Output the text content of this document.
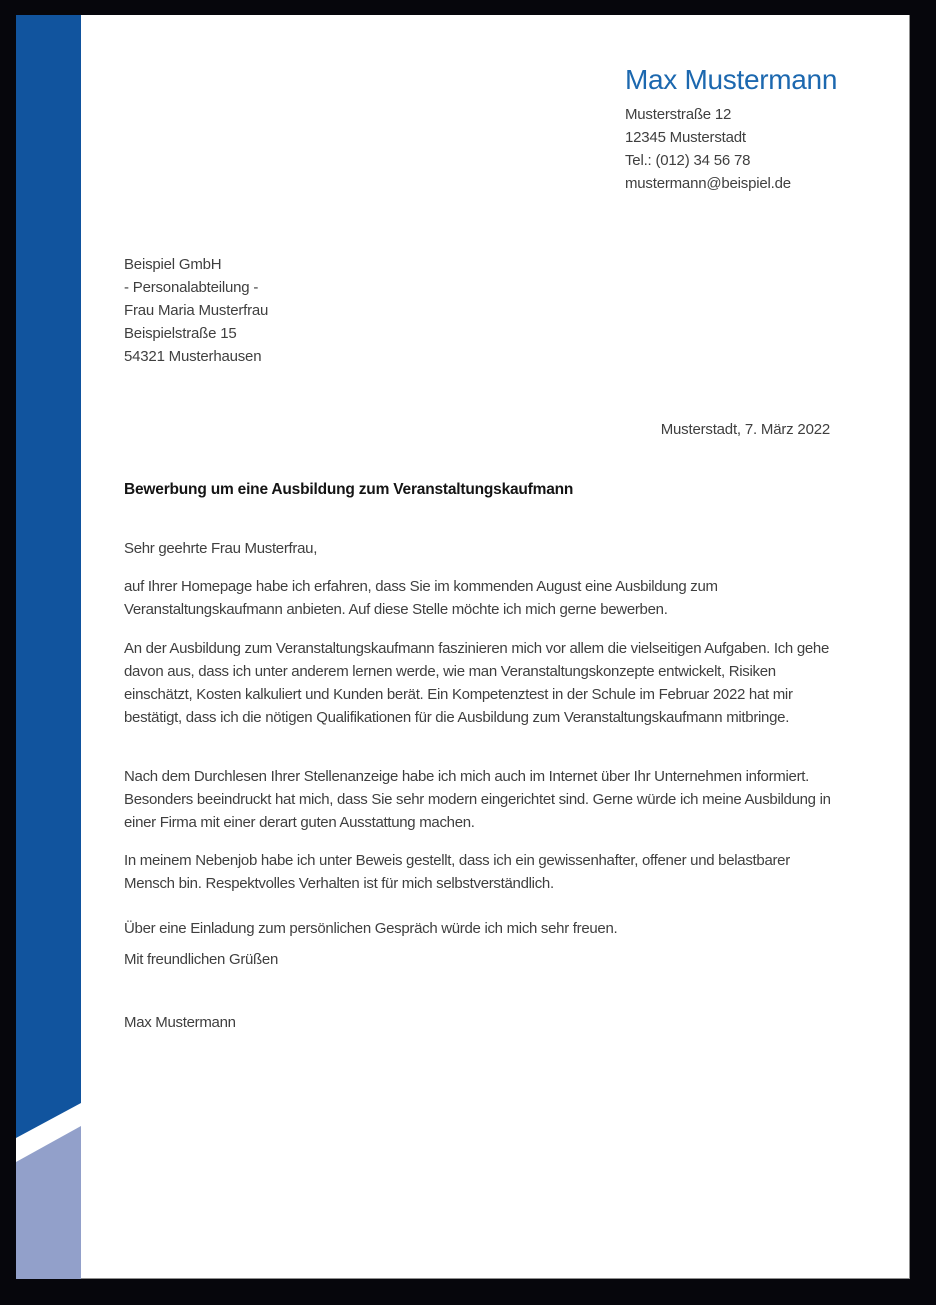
Max Mustermann
Musterstraße 12
12345 Musterstadt
Tel.: (012) 34 56 78
mustermann@beispiel.de
Beispiel GmbH
- Personalabteilung -
Frau Maria Musterfrau
Beispielstraße 15
54321 Musterhausen
Musterstadt, 7. März 2022
Bewerbung um eine Ausbildung zum Veranstaltungskaufmann
Sehr geehrte Frau Musterfrau,

auf Ihrer Homepage habe ich erfahren, dass Sie im kommenden August eine Ausbildung zum Veranstaltungskaufmann anbieten. Auf diese Stelle möchte ich mich gerne bewerben.

An der Ausbildung zum Veranstaltungskaufmann faszinieren mich vor allem die vielseitigen Aufgaben. Ich gehe davon aus, dass ich unter anderem lernen werde, wie man Veranstaltungskonzepte entwickelt, Risiken einschätzt, Kosten kalkuliert und Kunden berät. Ein Kompetenztest in der Schule im Februar 2022 hat mir bestätigt, dass ich die nötigen Qualifikationen für die Ausbildung zum Veranstaltungskaufmann mitbringe.

Nach dem Durchlesen Ihrer Stellenanzeige habe ich mich auch im Internet über Ihr Unternehmen informiert. Besonders beeindruckt hat mich, dass Sie sehr modern eingerichtet sind. Gerne würde ich meine Ausbildung in einer Firma mit einer derart guten Ausstattung machen.

In meinem Nebenjob habe ich unter Beweis gestellt, dass ich ein gewissenhafter, offener und belastbarer Mensch bin. Respektvolles Verhalten ist für mich selbstverständlich.

Über eine Einladung zum persönlichen Gespräch würde ich mich sehr freuen.

Mit freundlichen Grüßen
Max Mustermann
